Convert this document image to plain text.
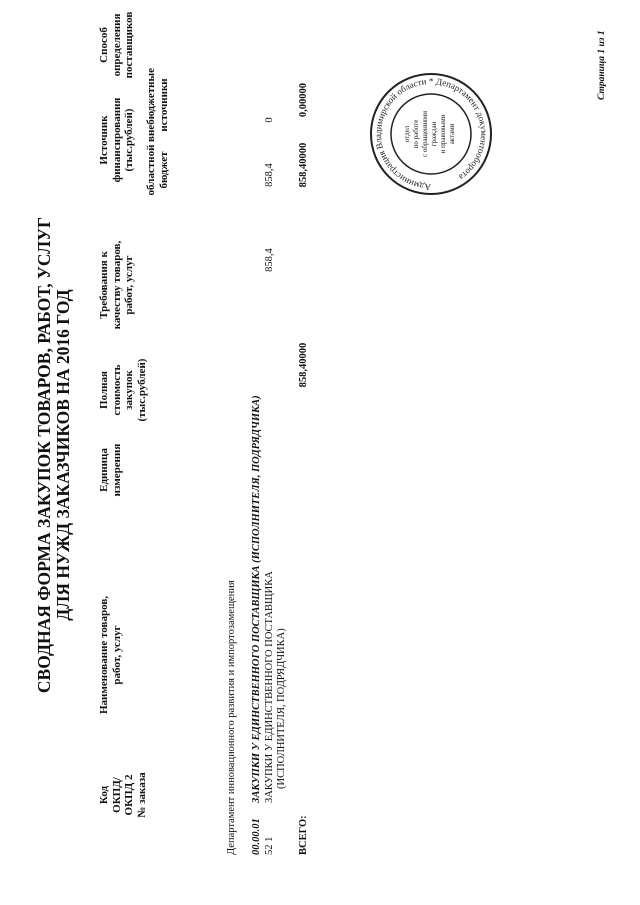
СВОДНАЯ ФОРМА ЗАКУПОК ТОВАРОВ, РАБОТ, УСЛУГ ДЛЯ НУЖД ЗАКАЗЧИКОВ НА 2016 ГОД
Код ОКПД/ ОКПД 2 № заказа
Наименование товаров, работ, услуг
Единица измерения
Полная стоимость закупок (тыс.рублей)
Требования к качеству товаров, работ, услуг
Источник финансирования (тыс.рублей) областной бюджет
внебюджетные источники
Способ определения поставщиков
Департамент инновационного развития и импортозамещения 00.00.01
ЗАКУПКИ У ЕДИНСТВЕННОГО ПОСТАВЩИКА (ИСПОЛНИТЕЛЯ, ПОДРЯДЧИКА)
858,4
52 1
ЗАКУПКИ У ЕДИНСТВЕННОГО ПОСТАВЩИКА (ИСПОЛНИТЕЛЯ, ПОДРЯДЧИКА)
858,4
0
ВСЕГО:
858,40000
858,40000
0,00000
Администрация Владимирской области * Департамент документооборота
отдел по работе с обращениями граждан и правовыми актами
Страница 1 из 1
